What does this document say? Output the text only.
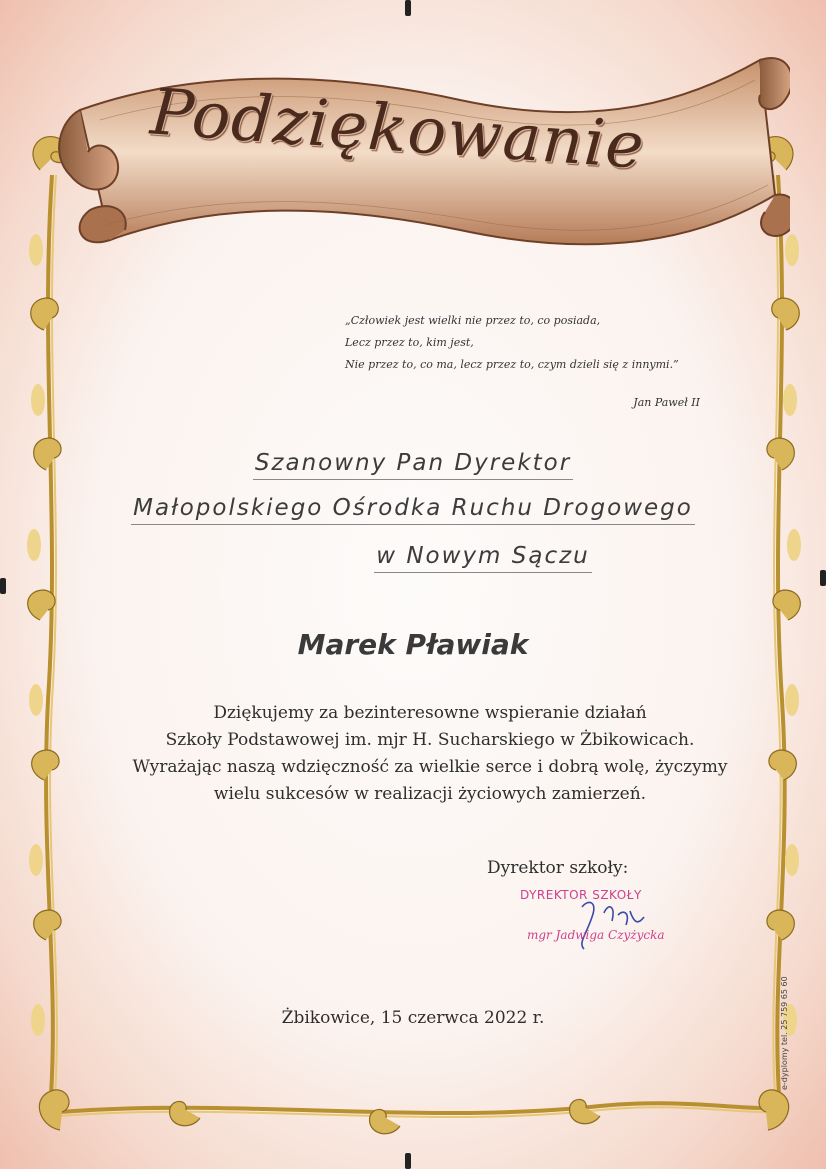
Podziękowanie
„Człowiek jest wielki nie przez to, co posiada,
Lecz przez to, kim jest,
Nie przez to, co ma, lecz przez to, czym dzieli się z innymi.”
Jan Paweł II
Szanowny Pan Dyrektor
Małopolskiego Ośrodka Ruchu Drogowego
w Nowym Sączu
Marek Pławiak
Dziękujemy za bezinteresowne wspieranie działań
Szkoły Podstawowej im. mjr H. Sucharskiego w Żbikowicach.
Wyrażając naszą wdzięczność za wielkie serce i dobrą wolę, życzymy
wielu sukcesów w realizacji życiowych zamierzeń.
Dyrektor szkoły:
DYREKTOR SZKOŁY
mgr Jadwiga Czyżycka
Żbikowice, 15 czerwca 2022 r.	e-dyplomy tel. 25 759 65 60
